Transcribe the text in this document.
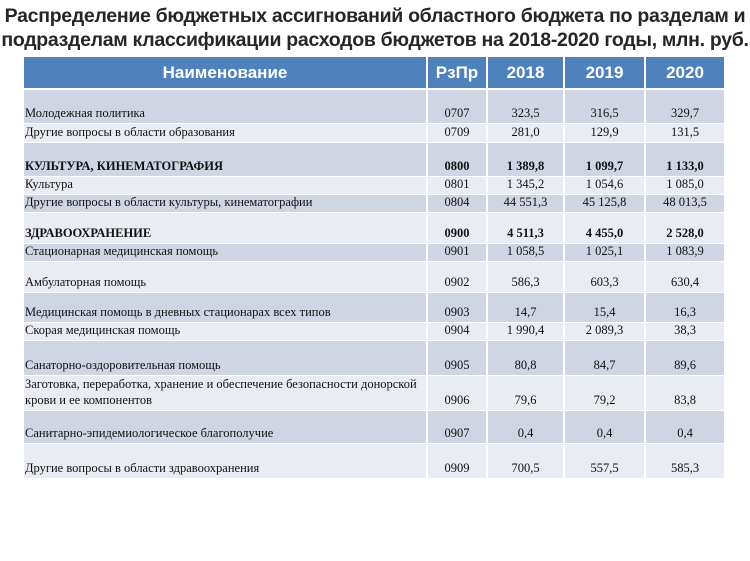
Распределение бюджетных ассигнований областного бюджета по разделам и
подразделам классификации расходов бюджетов на 2018-2020 годы, млн. руб.
Наименование	РзПр	2018	2019	2020
Молодежная политика	0707	323,5	316,5	329,7
Другие вопросы в области образования	0709	281,0	129,9	131,5
КУЛЬТУРА, КИНЕМАТОГРАФИЯ	0800	1 389,8	1 099,7	1 133,0
Культура	0801	1 345,2	1 054,6	1 085,0
Другие вопросы в области культуры, кинематографии	0804	44 551,3	45 125,8	48 013,5
ЗДРАВООХРАНЕНИЕ	0900	4 511,3	4 455,0	2 528,0
Стационарная медицинская помощь	0901	1 058,5	1 025,1	1 083,9
Амбулаторная помощь	0902	586,3	603,3	630,4
Медицинская помощь в дневных стационарах всех типов	0903	14,7	15,4	16,3
Скорая медицинская помощь	0904	1 990,4	2 089,3	38,3
Санаторно-оздоровительная помощь	0905	80,8	84,7	89,6
Заготовка, переработка, хранение и обеспечение безопасности донорской крови и ее компонентов	0906	79,6	79,2	83,8
Санитарно-эпидемиологическое благополучие	0907	0,4	0,4	0,4
Другие вопросы в области здравоохранения	0909	700,5	557,5	585,3
